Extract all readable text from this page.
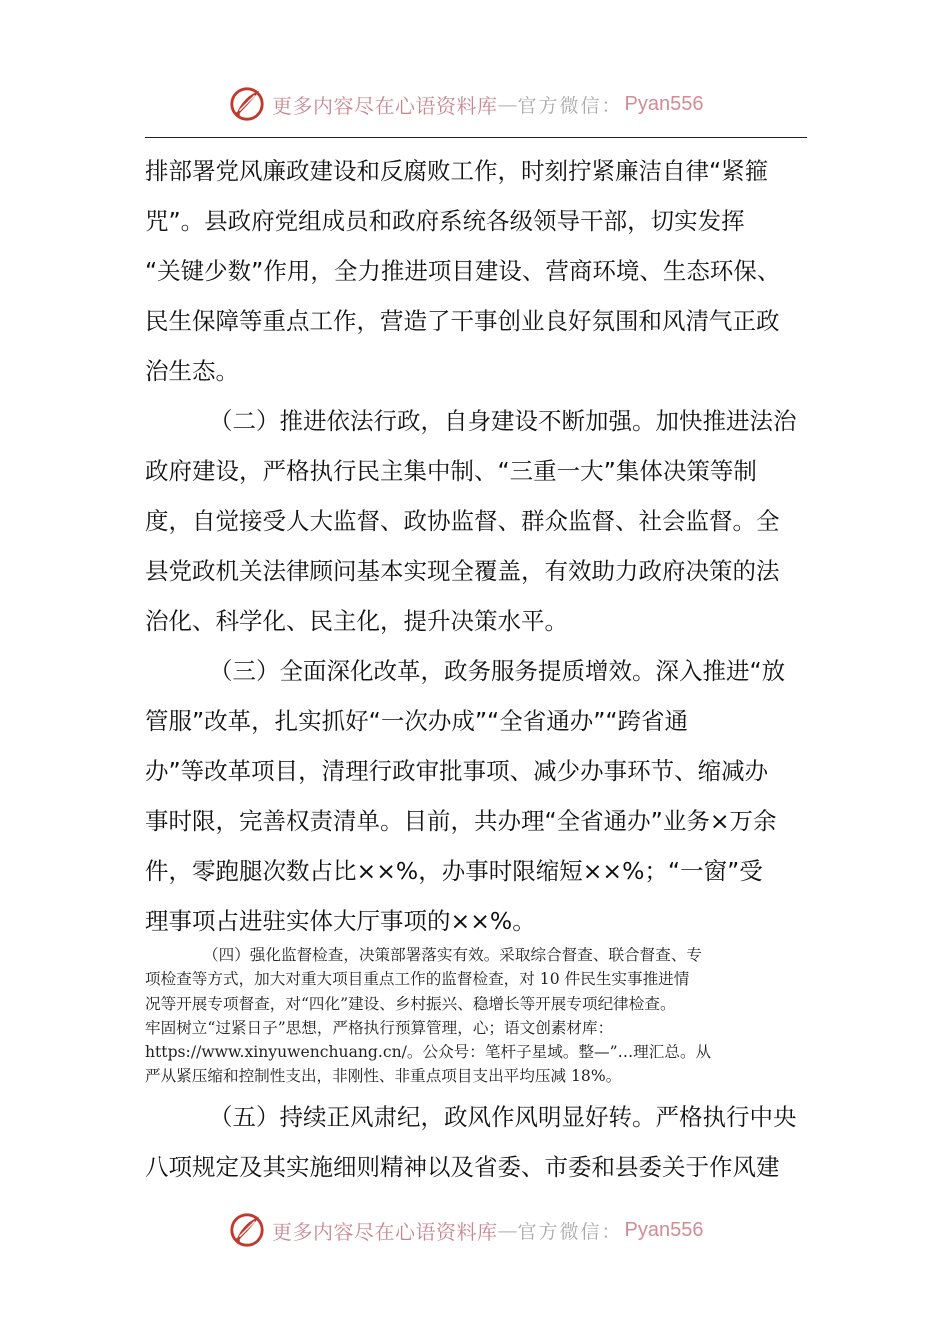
更多内容尽在心语资料库 — 官方微信： Pyan556
排部署党风廉政建设和反腐败工作，时刻拧紧廉洁自律“紧箍
咒”。县政府党组成员和政府系统各级领导干部，切实发挥
“关键少数”作用，全力推进项目建设、营商环境、生态环保、
民生保障等重点工作，营造了干事创业良好氛围和风清气正政
治生态。
（二）推进依法行政，自身建设不断加强。加快推进法治
政府建设，严格执行民主集中制、“三重一大”集体决策等制
度，自觉接受人大监督、政协监督、群众监督、社会监督。全
县党政机关法律顾问基本实现全覆盖，有效助力政府决策的法
治化、科学化、民主化，提升决策水平。
（三）全面深化改革，政务服务提质增效。深入推进“放
管服”改革，扎实抓好“一次办成”“全省通办”“跨省通
办”等改革项目，清理行政审批事项、减少办事环节、缩减办
事时限，完善权责清单。目前，共办理“全省通办”业务×万余
件，零跑腿次数占比××%，办事时限缩短××%；“一窗”受
理事项占进驻实体大厅事项的××%。
（四）强化监督检查，决策部署落实有效。采取综合督查、联合督查、专
项检查等方式，加大对重大项目重点工作的监督检查，对 10 件民生实事推进情
况等开展专项督查，对“四化”建设、乡村振兴、稳增长等开展专项纪律检查。
牢固树立“过紧日子”思想，严格执行预算管理，心；语文创素材库：
https://www.xinyuwenchuang.cn/。公众号：笔杆子星域。整—”…理汇总。从
严从紧压缩和控制性支出，非刚性、非重点项目支出平均压减 18%。
（五）持续正风肃纪，政风作风明显好转。严格执行中央
八项规定及其实施细则精神以及省委、市委和县委关于作风建
更多内容尽在心语资料库 — 官方微信： Pyan556
